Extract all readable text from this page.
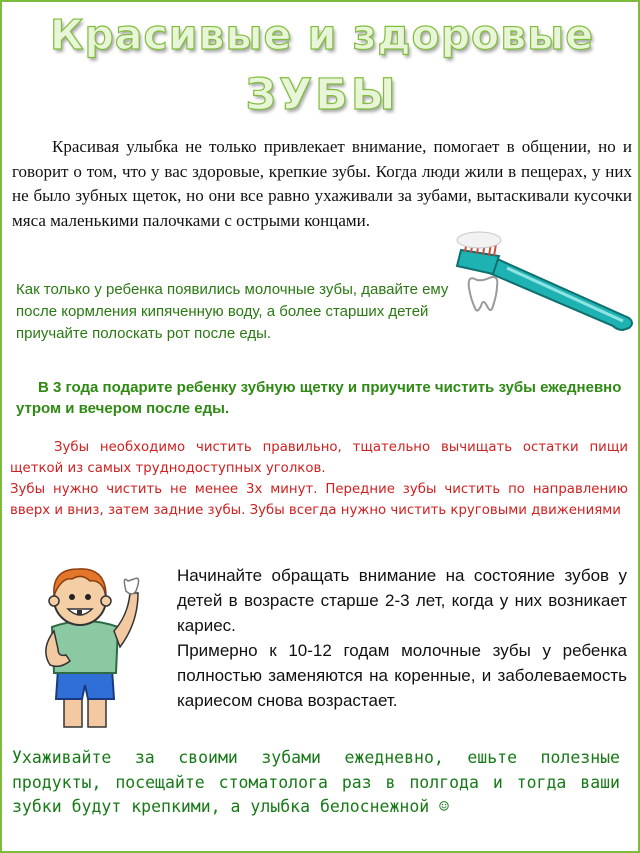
Красивые и здоровые
ЗУБЫ

Красивая улыбка не только привлекает внимание, помогает в общении, но и говорит о том, что у вас здоровые, крепкие зубы. Когда люди жили в пещерах, у них не было зубных щеток, но они все равно ухаживали за зубами, вытаскивали кусочки мяса маленькими палочками с острыми концами.

Как только у ребенка появились молочные зубы, давайте ему после кормления кипяченную воду, а более старших детей приучайте полоскать рот после еды.

В 3 года подарите ребенку зубную щетку и приучите чистить зубы ежедневно утром и вечером после еды.

Зубы необходимо чистить правильно, тщательно вычищать остатки пищи щеткой из самых труднодоступных уголков.
Зубы нужно чистить не менее 3х минут. Передние зубы чистить по направлению вверх и вниз, затем задние зубы. Зубы всегда нужно чистить круговыми движениями

Начинайте обращать внимание на состояние зубов у детей в возрасте старше 2-3 лет, когда у них возникает кариес.
Примерно к 10-12 годам молочные зубы у ребенка полностью заменяются на коренные, и заболеваемость кариесом снова возрастает.

Ухаживайте за своими зубами ежедневно, ешьте полезные продукты, посещайте стоматолога раз в полгода и тогда ваши зубки будут крепкими, а улыбка белоснежной ☺
